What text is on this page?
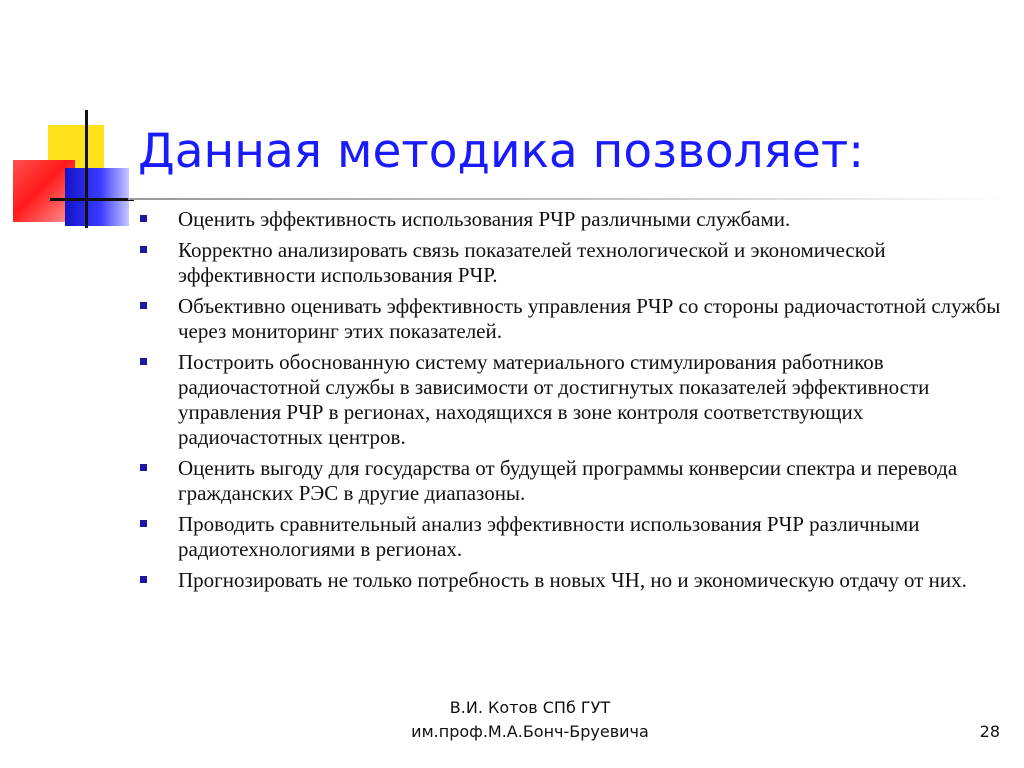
Данная методика позволяет:
Оценить эффективность использования РЧР различными службами.
Корректно анализировать связь показателей технологической и экономической эффективности использования РЧР.
Объективно оценивать эффективность управления РЧР со стороны радиочастотной службы через мониторинг этих показателей.
Построить обоснованную систему материального стимулирования работников радиочастотной службы в зависимости от достигнутых показателей эффективности управления РЧР в регионах, находящихся в зоне контроля соответствующих радиочастотных центров.
Оценить выгоду для государства от будущей программы конверсии спектра и перевода гражданских РЭС в другие диапазоны.
Проводить сравнительный анализ эффективности использования РЧР различными радиотехнологиями в регионах.
Прогнозировать не только потребность в новых ЧН, но и экономическую отдачу от них.
В.И. Котов СПб ГУТ
им.проф.М.А.Бонч-Бруевича	28
